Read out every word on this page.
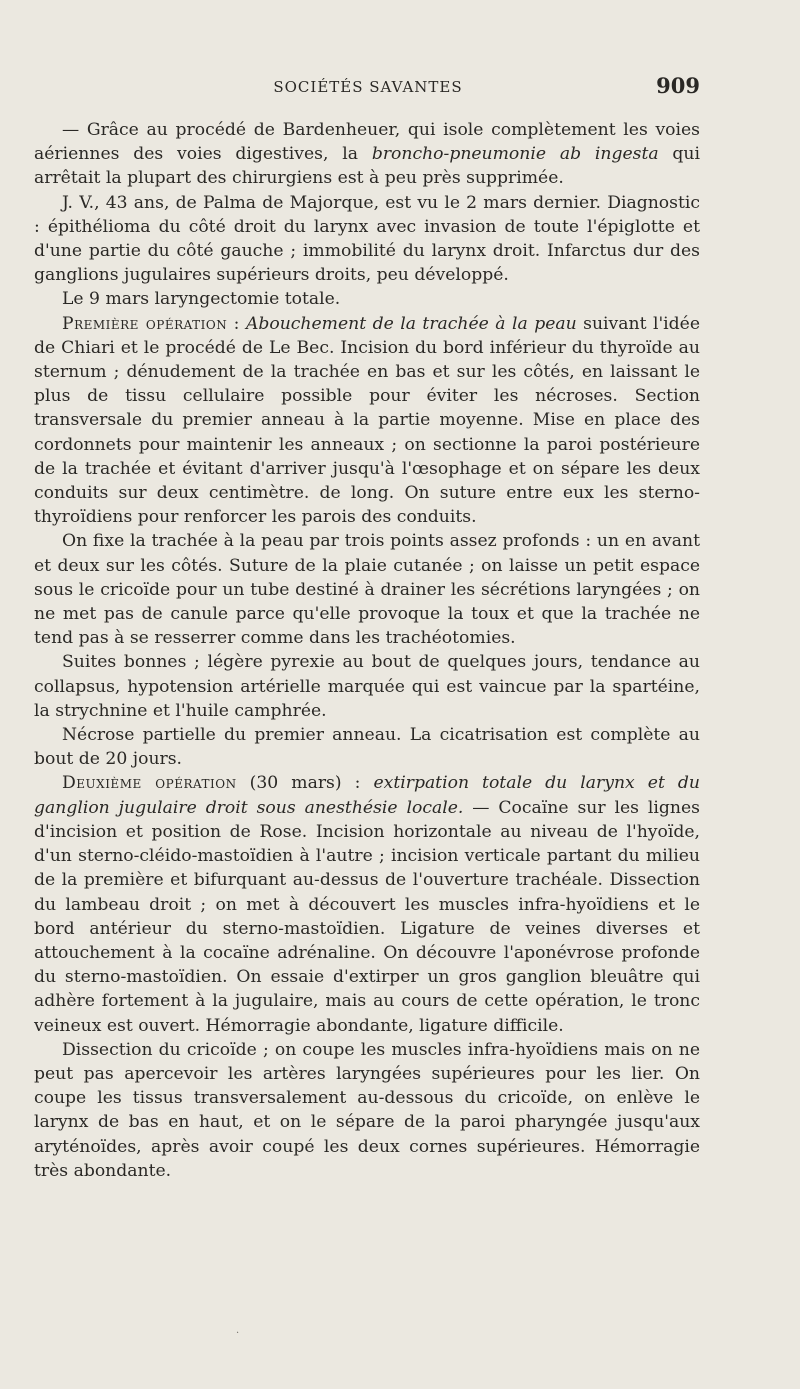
SOCIÉTÉS SAVANTES	909

— Grâce au procédé de Bardenheuer, qui isole complètement les voies aériennes des voies digestives, la broncho-pneumonie ab ingesta qui arrêtait la plupart des chirurgiens est à peu près supprimée.

J. V., 43 ans, de Palma de Majorque, est vu le 2 mars dernier. Diagnostic : épithélioma du côté droit du larynx avec invasion de toute l'épiglotte et d'une partie du côté gauche ; immobilité du larynx droit. Infarctus dur des ganglions jugulaires supérieurs droits, peu développé.

Le 9 mars laryngectomie totale.

Première opération : Abouchement de la trachée à la peau suivant l'idée de Chiari et le procédé de Le Bec. Incision du bord inférieur du thyroïde au sternum ; dénudement de la trachée en bas et sur les côtés, en laissant le plus de tissu cellulaire possible pour éviter les nécroses. Section transversale du premier anneau à la partie moyenne. Mise en place des cordonnets pour maintenir les anneaux ; on sectionne la paroi postérieure de la trachée et évitant d'arriver jusqu'à l'œsophage et on sépare les deux conduits sur deux centimètre. de long. On suture entre eux les sterno-thyroïdiens pour renforcer les parois des conduits.

On fixe la trachée à la peau par trois points assez profonds : un en avant et deux sur les côtés. Suture de la plaie cutanée ; on laisse un petit espace sous le cricoïde pour un tube destiné à drainer les sécrétions laryngées ; on ne met pas de canule parce qu'elle provoque la toux et que la trachée ne tend pas à se resserrer comme dans les trachéotomies.

Suites bonnes ; légère pyrexie au bout de quelques jours, tendance au collapsus, hypotension artérielle marquée qui est vaincue par la spartéine, la strychnine et l'huile camphrée.

Nécrose partielle du premier anneau. La cicatrisation est complète au bout de 20 jours.

Deuxième opération (30 mars) : extirpation totale du larynx et du ganglion jugulaire droit sous anesthésie locale. — Cocaïne sur les lignes d'incision et position de Rose. Incision horizontale au niveau de l'hyoïde, d'un sterno-cléido-mastoïdien à l'autre ; incision verticale partant du milieu de la première et bifurquant au-dessus de l'ouverture trachéale. Dissection du lambeau droit ; on met à découvert les muscles infra-hyoïdiens et le bord antérieur du sterno-mastoïdien. Ligature de veines diverses et attouchement à la cocaïne adrénaline. On découvre l'aponévrose profonde du sterno-mastoïdien. On essaie d'extirper un gros ganglion bleuâtre qui adhère fortement à la jugulaire, mais au cours de cette opération, le tronc veineux est ouvert. Hémorragie abondante, ligature difficile.

Dissection du cricoïde ; on coupe les muscles infra-hyoïdiens mais on ne peut pas apercevoir les artères laryngées supérieures pour les lier. On coupe les tissus transversalement au-dessous du cricoïde, on enlève le larynx de bas en haut, et on le sépare de la paroi pharyngée jusqu'aux aryténoïdes, après avoir coupé les deux cornes supérieures. Hémorragie très abondante.

·
